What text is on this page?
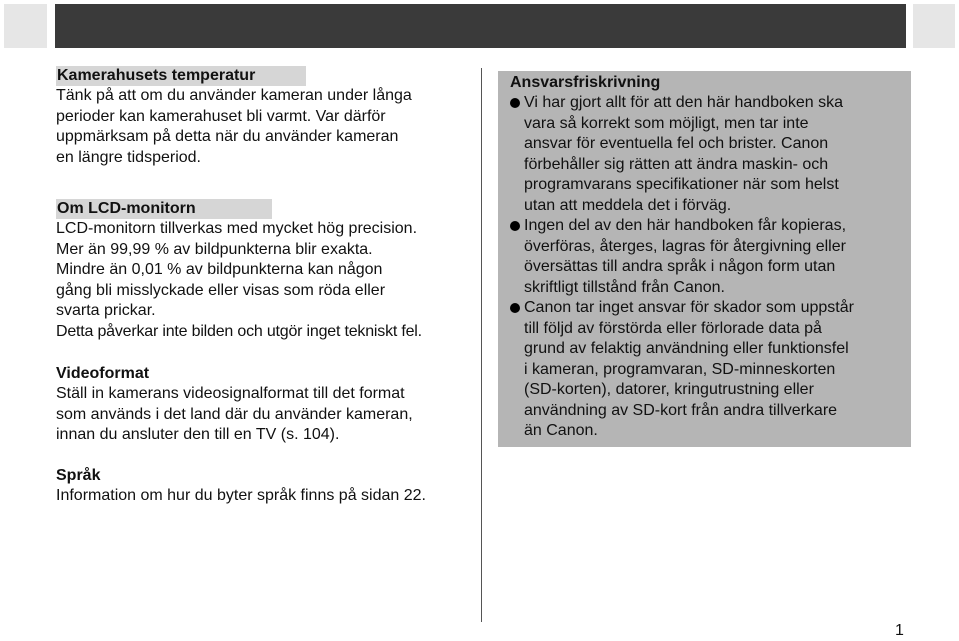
Kamerahusets temperatur

Tänk på att om du använder kameran under långa

perioder kan kamerahuset bli varmt. Var därför

uppmärksam på detta när du använder kameran

en längre tidsperiod.

Om LCD-monitorn

LCD-monitorn tillverkas med mycket hög precision.

Mer än 99,99 % av bildpunkterna blir exakta.

Mindre än 0,01 % av bildpunkterna kan någon

gång bli misslyckade eller visas som röda eller

svarta prickar.

Detta påverkar inte bilden och utgör inget tekniskt fel.

Videoformat

Ställ in kamerans videosignalformat till det format

som används i det land där du använder kameran,

innan du ansluter den till en TV (s. 104).

Språk

Information om hur du byter språk finns på sidan 22.

Ansvarsfriskrivning
Vi har gjort allt för att den här handboken ska
vara så korrekt som möjligt, men tar inte
ansvar för eventuella fel och brister. Canon
förbehåller sig rätten att ändra maskin- och
programvarans specifikationer när som helst
utan att meddela det i förväg.
Ingen del av den här handboken får kopieras,
överföras, återges, lagras för återgivning eller
översättas till andra språk i någon form utan
skriftligt tillstånd från Canon.
Canon tar inget ansvar för skador som uppstår
till följd av förstörda eller förlorade data på
grund av felaktig användning eller funktionsfel
i kameran, programvaran, SD-minneskorten
(SD-korten), datorer, kringutrustning eller
användning av SD-kort från andra tillverkare
än Canon.
1
